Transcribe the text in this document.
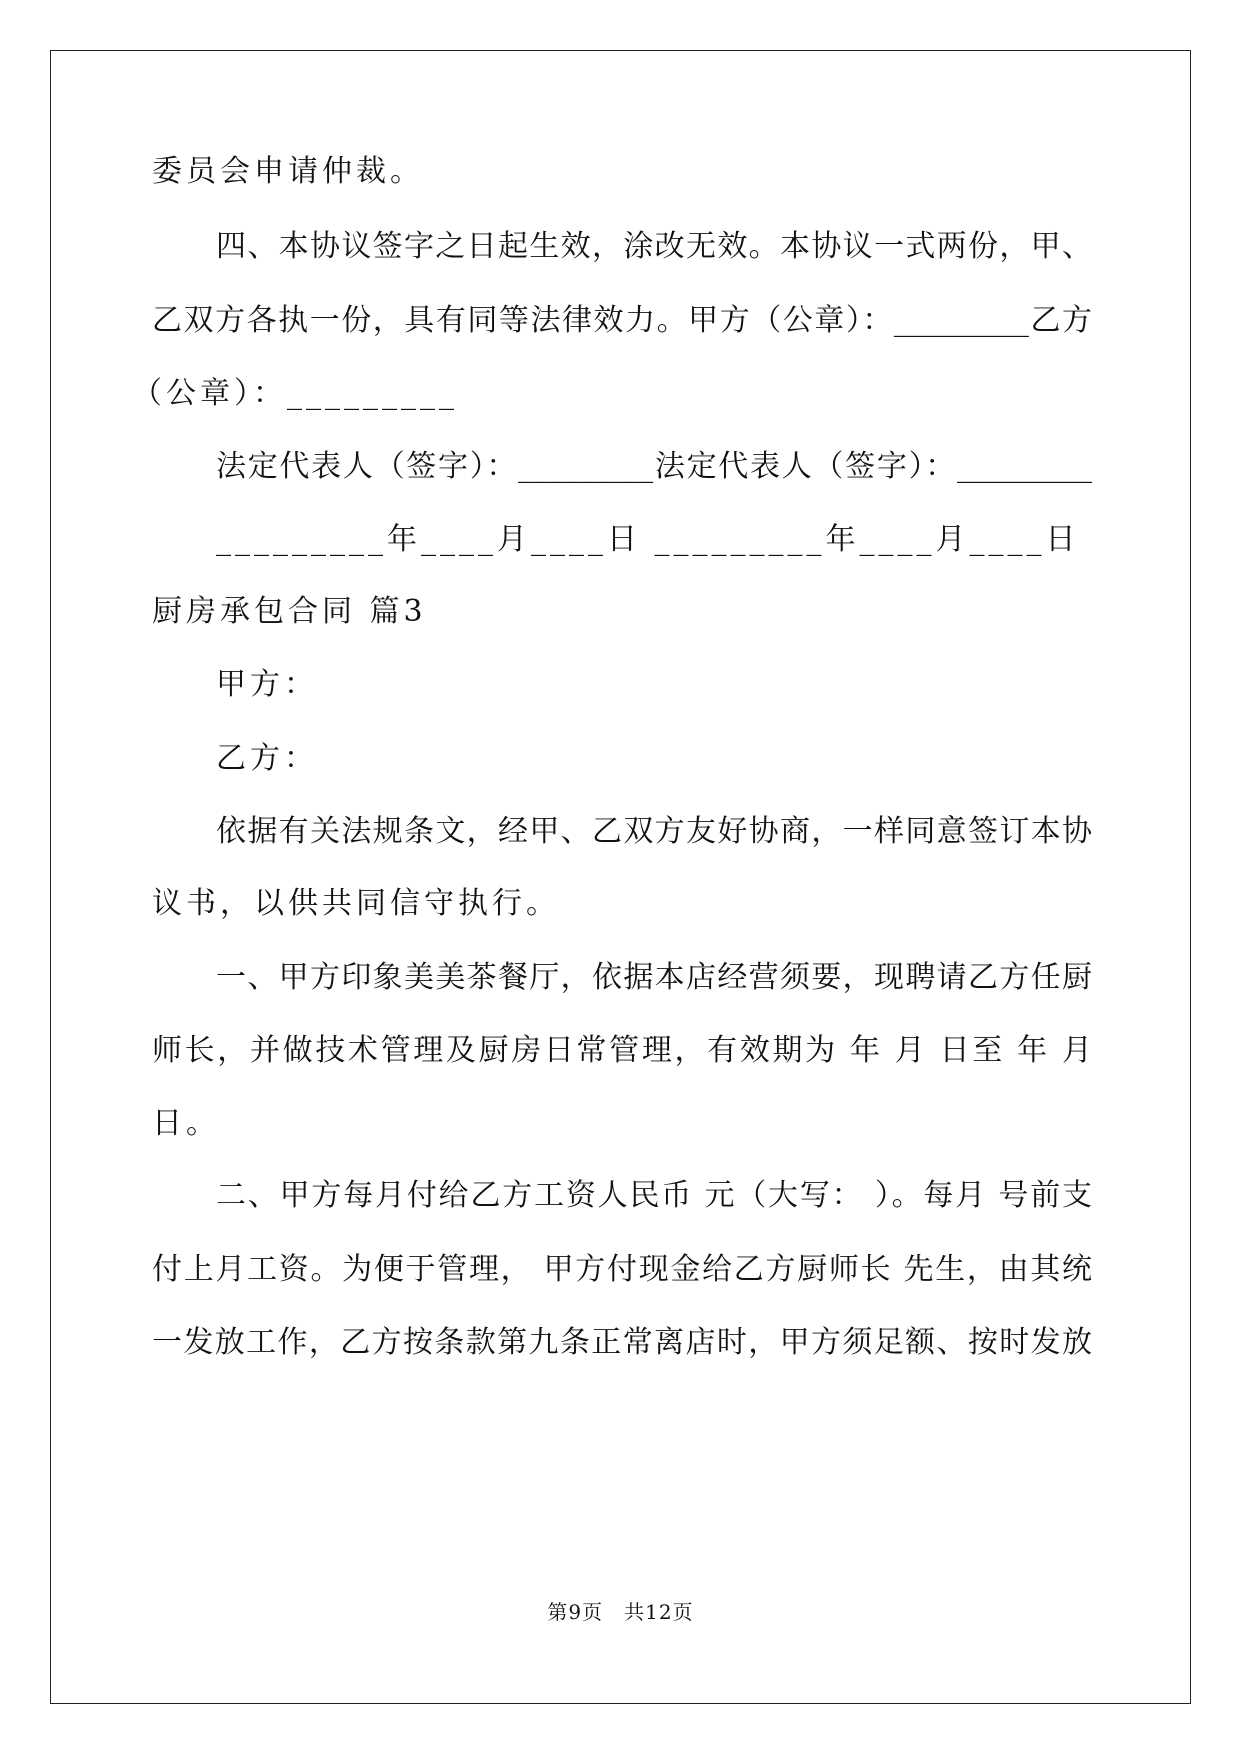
委员会申请仲裁。
四、本协议签字之日起生效，涂改无效。本协议一式两份，甲、
乙双方各执一份，具有同等法律效力。甲方（公章）：_________乙方
（公章）：_________
法定代表人（签字）：_________法定代表人（签字）：_________
_________年____月____日 _________年____月____日
厨房承包合同 篇3
甲方：
乙方：
依据有关法规条文，经甲、乙双方友好协商，一样同意签订本协
议书，以供共同信守执行。
一、甲方印象美美茶餐厅，依据本店经营须要，现聘请乙方任厨
师长，并做技术管理及厨房日常管理，有效期为 年 月 日至 年 月
日。
二、甲方每月付给乙方工资人民币 元（大写： ）。每月 号前支
付上月工资。为便于管理， 甲方付现金给乙方厨师长 先生，由其统
一发放工作，乙方按条款第九条正常离店时，甲方须足额、按时发放
第9页　共12页
